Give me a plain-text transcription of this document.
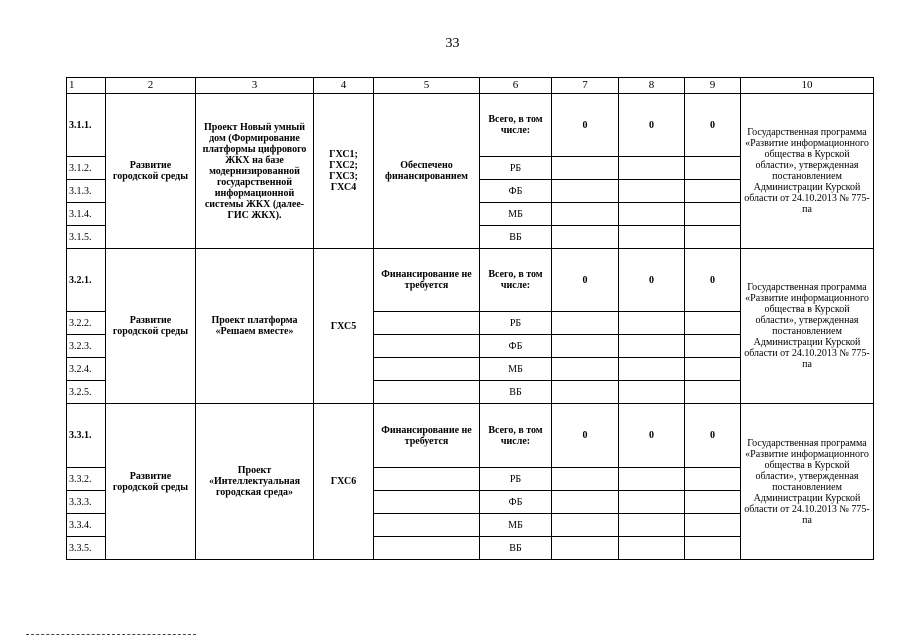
33
1	2	3	4	5	6	7	8	9	10
3.1.1.	Развитие городской среды	Проект Новый умный дом (Формирование платформы цифрового ЖКХ на базе модернизированной государственной информационной системы ЖКХ (далее- ГИС ЖКХ).	ГХС1; ГХС2; ГХС3; ГХС4	Обеспечено финансированием	Всего, в том числе:	0	0	0	Государственная программа «Развитие информационного общества в Курской области», утвержденная постановлением Администрации Курской области от 24.10.2013 № 775-па
3.1.2.					РБ				
3.1.3.					ФБ				
3.1.4.					МБ				
3.1.5.					ВБ				
3.2.1.	Развитие городской среды	Проект платформа «Решаем вместе»	ГХС5	Финансирование не требуется	Всего, в том числе:	0	0	0	Государственная программа «Развитие информационного общества в Курской области», утвержденная постановлением Администрации Курской области от 24.10.2013 № 775-па
3.2.2.					РБ				
3.2.3.					ФБ				
3.2.4.					МБ				
3.2.5.					ВБ				
3.3.1.	Развитие городской среды	Проект «Интеллектуальная городская среда»	ГХС6	Финансирование не требуется	Всего, в том числе:	0	0	0	Государственная программа «Развитие информационного общества в Курской области», утвержденная постановлением Администрации Курской области от 24.10.2013 № 775-па
3.3.2.					РБ				
3.3.3.					ФБ				
3.3.4.					МБ				
3.3.5.					ВБ				
